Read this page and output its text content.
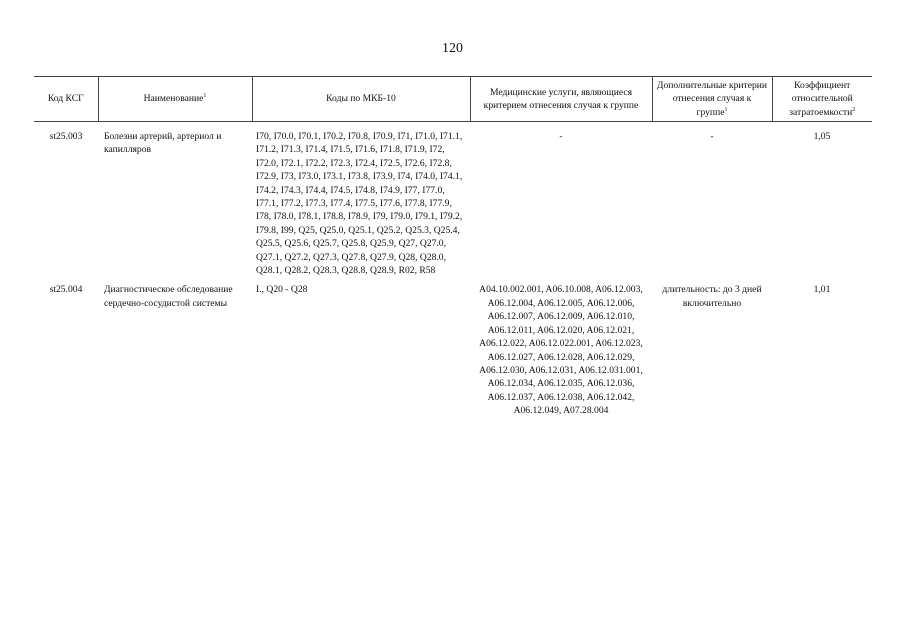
120
Код КСГ	Наименование$^1$	Коды по МКБ-10	Медицинские услуги, являющиеся критерием отнесения случая к группе	Дополнительные критерии отнесения случая к группе$^1$	Коэффициент относительной затратоемкости$^2$

st25.003	Болезни артерий, артериол и капилляров	I70, I70.0, I70.1, I70.2, I70.8, I70.9, I71, I71.0, I71.1, I71.2, I71.3, I71.4, I71.5, I71.6, I71.8, I71.9, I72, I72.0, I72.1, I72.2, I72.3, I72.4, I72.5, I72.6, I72.8, I72.9, I73, I73.0, I73.1, I73.8, I73.9, I74, I74.0, I74.1, I74.2, I74.3, I74.4, I74.5, I74.8, I74.9, I77, I77.0, I77.1, I77.2, I77.3, I77.4, I77.5, I77.6, I77.8, I77.9, I78, I78.0, I78.1, I78.8, I78.9, I79, I79.0, I79.1, I79.2, I79.8, I99, Q25, Q25.0, Q25.1, Q25.2, Q25.3, Q25.4, Q25.5, Q25.6, Q25.7, Q25.8, Q25.9, Q27, Q27.0, Q27.1, Q27.2, Q27.3, Q27.8, Q27.9, Q28, Q28.0, Q28.1, Q28.2, Q28.3, Q28.8, Q28.9, R02, R58	-	-	1,05
st25.004	Диагностическое обследование сердечно-сосудистой системы	I., Q20 - Q28	A04.10.002.001, A06.10.008, A06.12.003, A06.12.004, A06.12.005, A06.12.006, A06.12.007, A06.12.009, A06.12.010, A06.12.011, A06.12.020, A06.12.021, A06.12.022, A06.12.022.001, A06.12.023, A06.12.027, A06.12.028, A06.12.029, A06.12.030, A06.12.031, A06.12.031.001, A06.12.034, A06.12.035, A06.12.036, A06.12.037, A06.12.038, A06.12.042, A06.12.049, A07.28.004	длительность: до 3 дней включительно	1,01
